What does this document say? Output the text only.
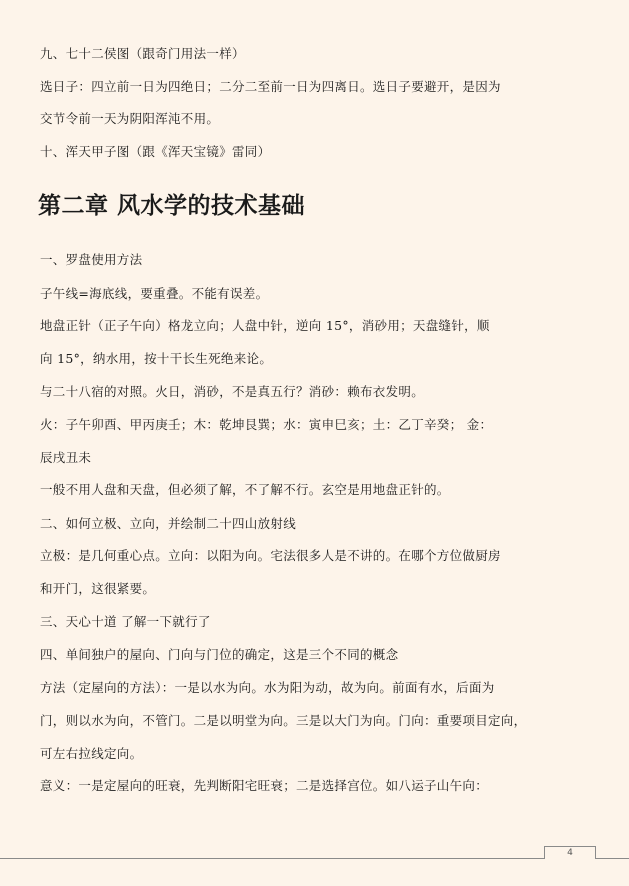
九、七十二侯图（跟奇门用法一样）
选日子：四立前一日为四绝日；二分二至前一日为四离日。选日子要避开，是因为
交节令前一天为阴阳浑沌不用。
十、浑天甲子图（跟《浑天宝镜》雷同）
第二章 风水学的技术基础
一、罗盘使用方法
子午线=海底线，要重叠。不能有误差。
地盘正针（正子午向）格龙立向；人盘中针，逆向 15°，消砂用；天盘缝针，顺
向 15°，纳水用，按十干长生死绝来论。
与二十八宿的对照。火日，消砂，不是真五行？消砂：赖布衣发明。
火：子午卯酉、甲丙庚壬；木：乾坤艮巽；水：寅申巳亥；土：乙丁辛癸； 金：
辰戌丑未
一般不用人盘和天盘，但必须了解，不了解不行。玄空是用地盘正针的。
二、如何立极、立向，并绘制二十四山放射线
立极：是几何重心点。立向：以阳为向。宅法很多人是不讲的。在哪个方位做厨房
和开门，这很紧要。
三、天心十道 了解一下就行了
四、单间独户的屋向、门向与门位的确定，这是三个不同的概念
方法（定屋向的方法）：一是以水为向。水为阳为动，故为向。前面有水，后面为
门，则以水为向，不管门。二是以明堂为向。三是以大门为向。门向：重要项目定向，
可左右拉线定向。
意义：一是定屋向的旺衰，先判断阳宅旺衰；二是选择宫位。如八运子山午向：
4
